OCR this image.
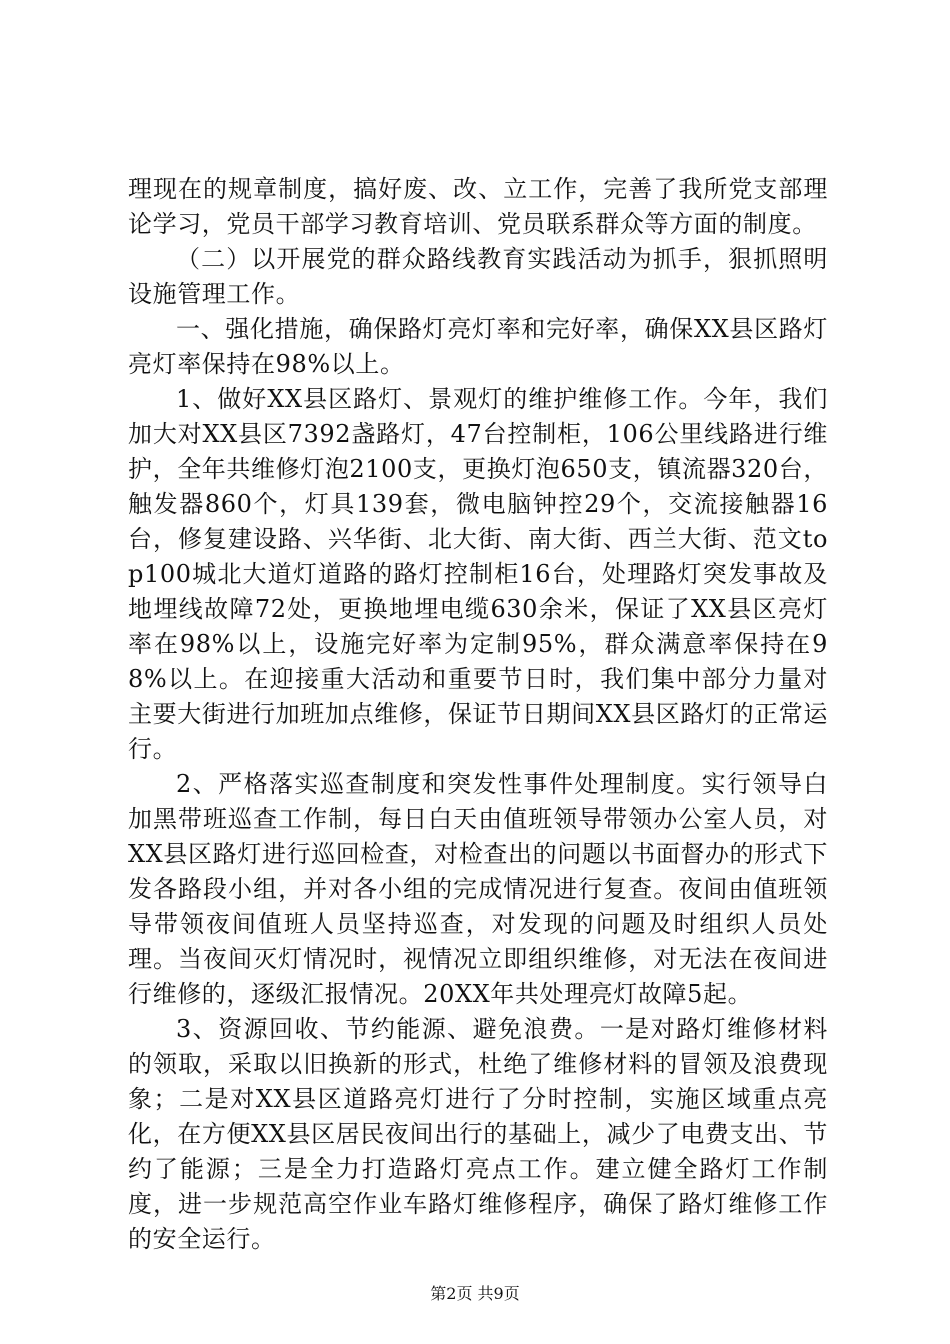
理现在的规章制度，搞好废、改、立工作，完善了我所党支部理论学习，党员干部学习教育培训、党员联系群众等方面的制度。

（二）以开展党的群众路线教育实践活动为抓手，狠抓照明设施管理工作。

一、强化措施，确保路灯亮灯率和完好率，确保XX县区路灯亮灯率保持在98%以上。

1、做好XX县区路灯、景观灯的维护维修工作。今年，我们加大对XX县区7392盏路灯，47台控制柜，106公里线路进行维护，全年共维修灯泡2100支，更换灯泡650支，镇流器320台，触发器860个，灯具139套，微电脑钟控29个，交流接触器16台，修复建设路、兴华街、北大街、南大街、西兰大街、范文top100城北大道灯道路的路灯控制柜16台，处理路灯突发事故及地埋线故障72处，更换地埋电缆630余米，保证了XX县区亮灯率在98%以上，设施完好率为定制95%，群众满意率保持在98%以上。在迎接重大活动和重要节日时，我们集中部分力量对主要大街进行加班加点维修，保证节日期间XX县区路灯的正常运行。

2、严格落实巡查制度和突发性事件处理制度。实行领导白加黑带班巡查工作制，每日白天由值班领导带领办公室人员，对XX县区路灯进行巡回检查，对检查出的问题以书面督办的形式下发各路段小组，并对各小组的完成情况进行复查。夜间由值班领导带领夜间值班人员坚持巡查，对发现的问题及时组织人员处理。当夜间灭灯情况时，视情况立即组织维修，对无法在夜间进行维修的，逐级汇报情况。20XX年共处理亮灯故障5起。

3、资源回收、节约能源、避免浪费。一是对路灯维修材料的领取，采取以旧换新的形式，杜绝了维修材料的冒领及浪费现象；二是对XX县区道路亮灯进行了分时控制，实施区域重点亮化，在方便XX县区居民夜间出行的基础上，减少了电费支出、节约了能源；三是全力打造路灯亮点工作。建立健全路灯工作制度，进一步规范高空作业车路灯维修程序，确保了路灯维修工作的安全运行。

第2页 共9页
